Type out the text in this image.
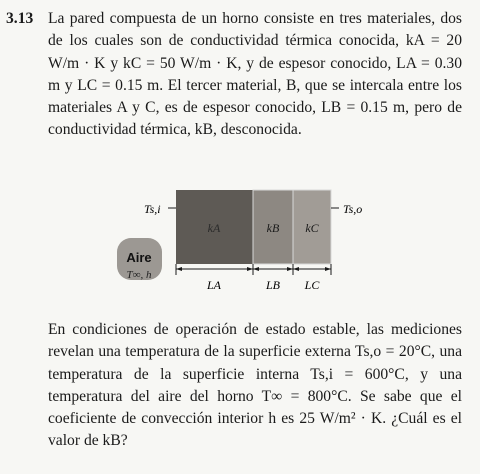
3.13 La pared compuesta de un horno consiste en tres materiales, dos de los cuales son de conductividad térmica conocida, kA = 20 W/m · K y kC = 50 W/m · K, y de espesor conocido, LA = 0.30 m y LC = 0.15 m. El tercer material, B, que se intercala entre los materiales A y C, es de espesor conocido, LB = 0.15 m, pero de conductividad térmica, kB, desconocida.
kA	kB kC
Ts,i	Ts,o
Aire
T∞, h
LA	LB LC
En condiciones de operación de estado estable, las mediciones revelan una temperatura de la superficie externa Ts,o = 20°C, una temperatura de la superficie interna Ts,i = 600°C, y una temperatura del aire del horno T∞ = 800°C. Se sabe que el coeficiente de convección interior h es 25 W/m² · K. ¿Cuál es el valor de kB?
